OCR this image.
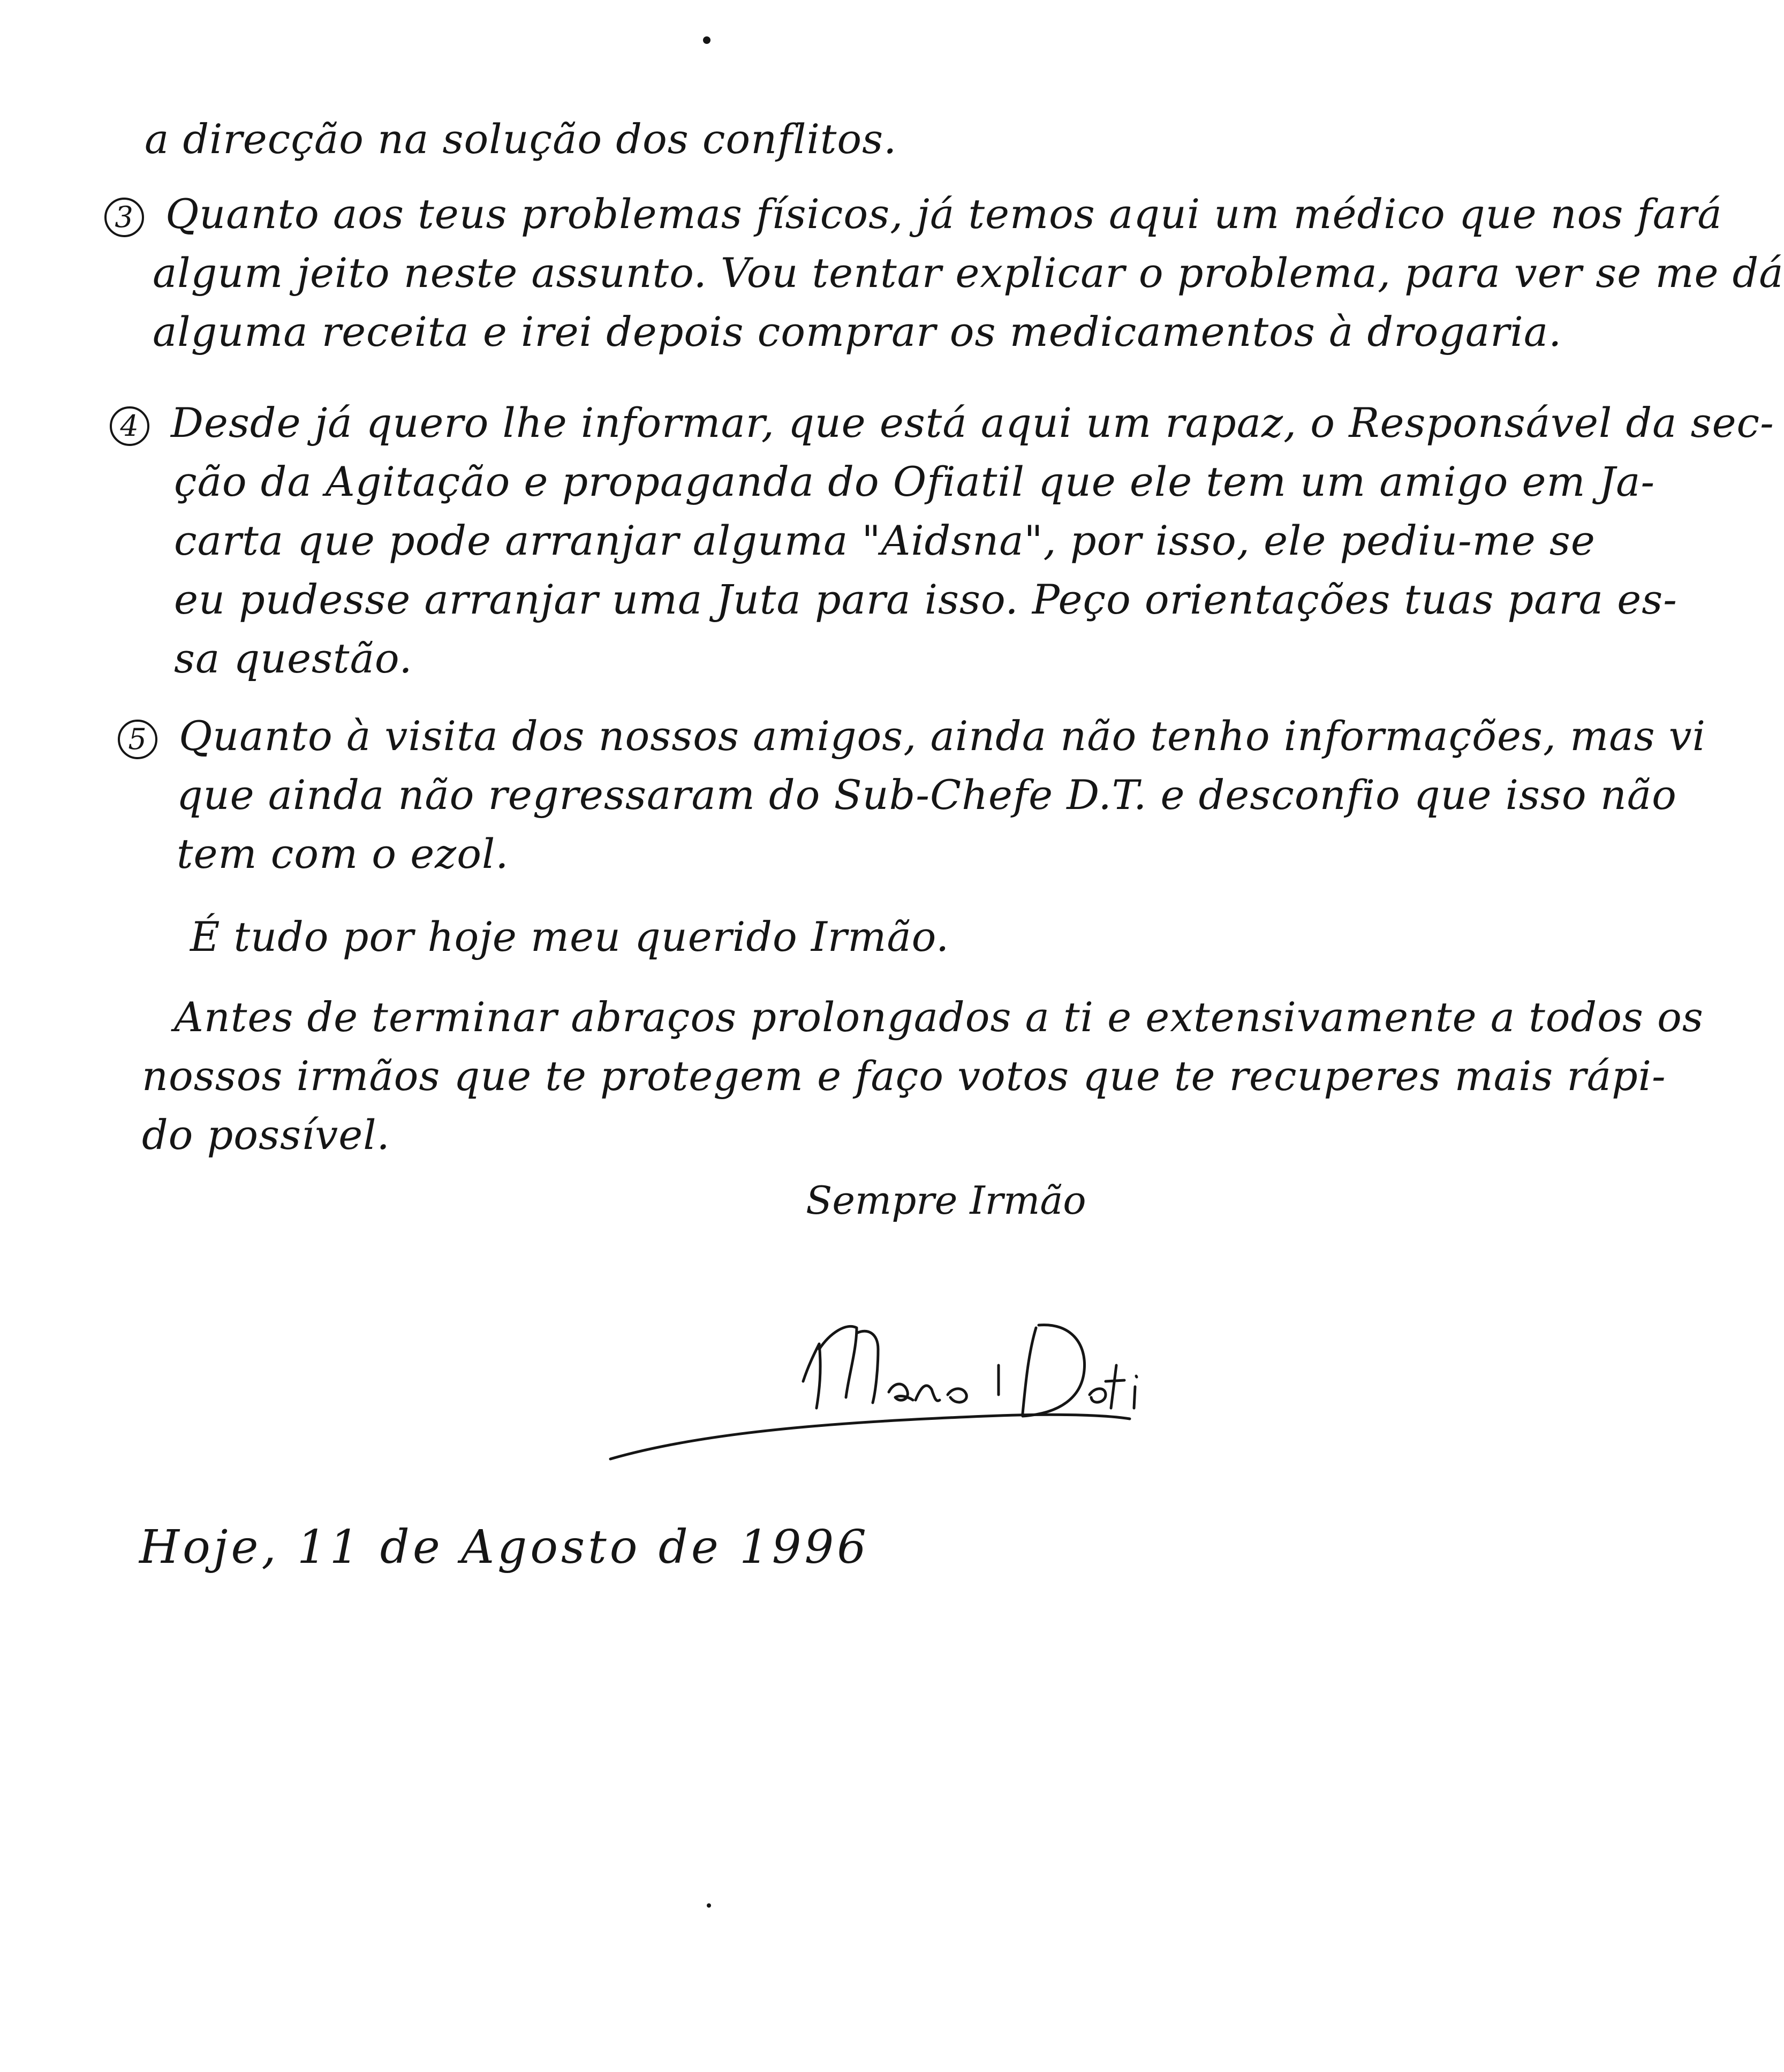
a direcção na solução dos conflitos.
3 Quanto aos teus problemas físicos, já temos aqui um médico que nos fará
algum jeito neste assunto. Vou tentar explicar o problema, para ver se me dá
alguma receita e irei depois comprar os medicamentos à drogaria.
4 Desde já quero lhe informar, que está aqui um rapaz, o Responsável da sec-
ção da Agitação e propaganda do Ofiatil que ele tem um amigo em Ja-
carta que pode arranjar alguma "Aidsna", por isso, ele pediu-me se
eu pudesse arranjar uma Juta para isso. Peço orientações tuas para es-
sa questão.
5 Quanto à visita dos nossos amigos, ainda não tenho informações, mas vi
que ainda não regressaram do Sub-Chefe D.T. e desconfio que isso não
tem com o ezol.
É tudo por hoje meu querido Irmão.
Antes de terminar abraços prolongados a ti e extensivamente a todos os
nossos irmãos que te protegem e faço votos que te recuperes mais rápi-
do possível.
Sempre Irmão
Hoje, 11 de Agosto de 1996
